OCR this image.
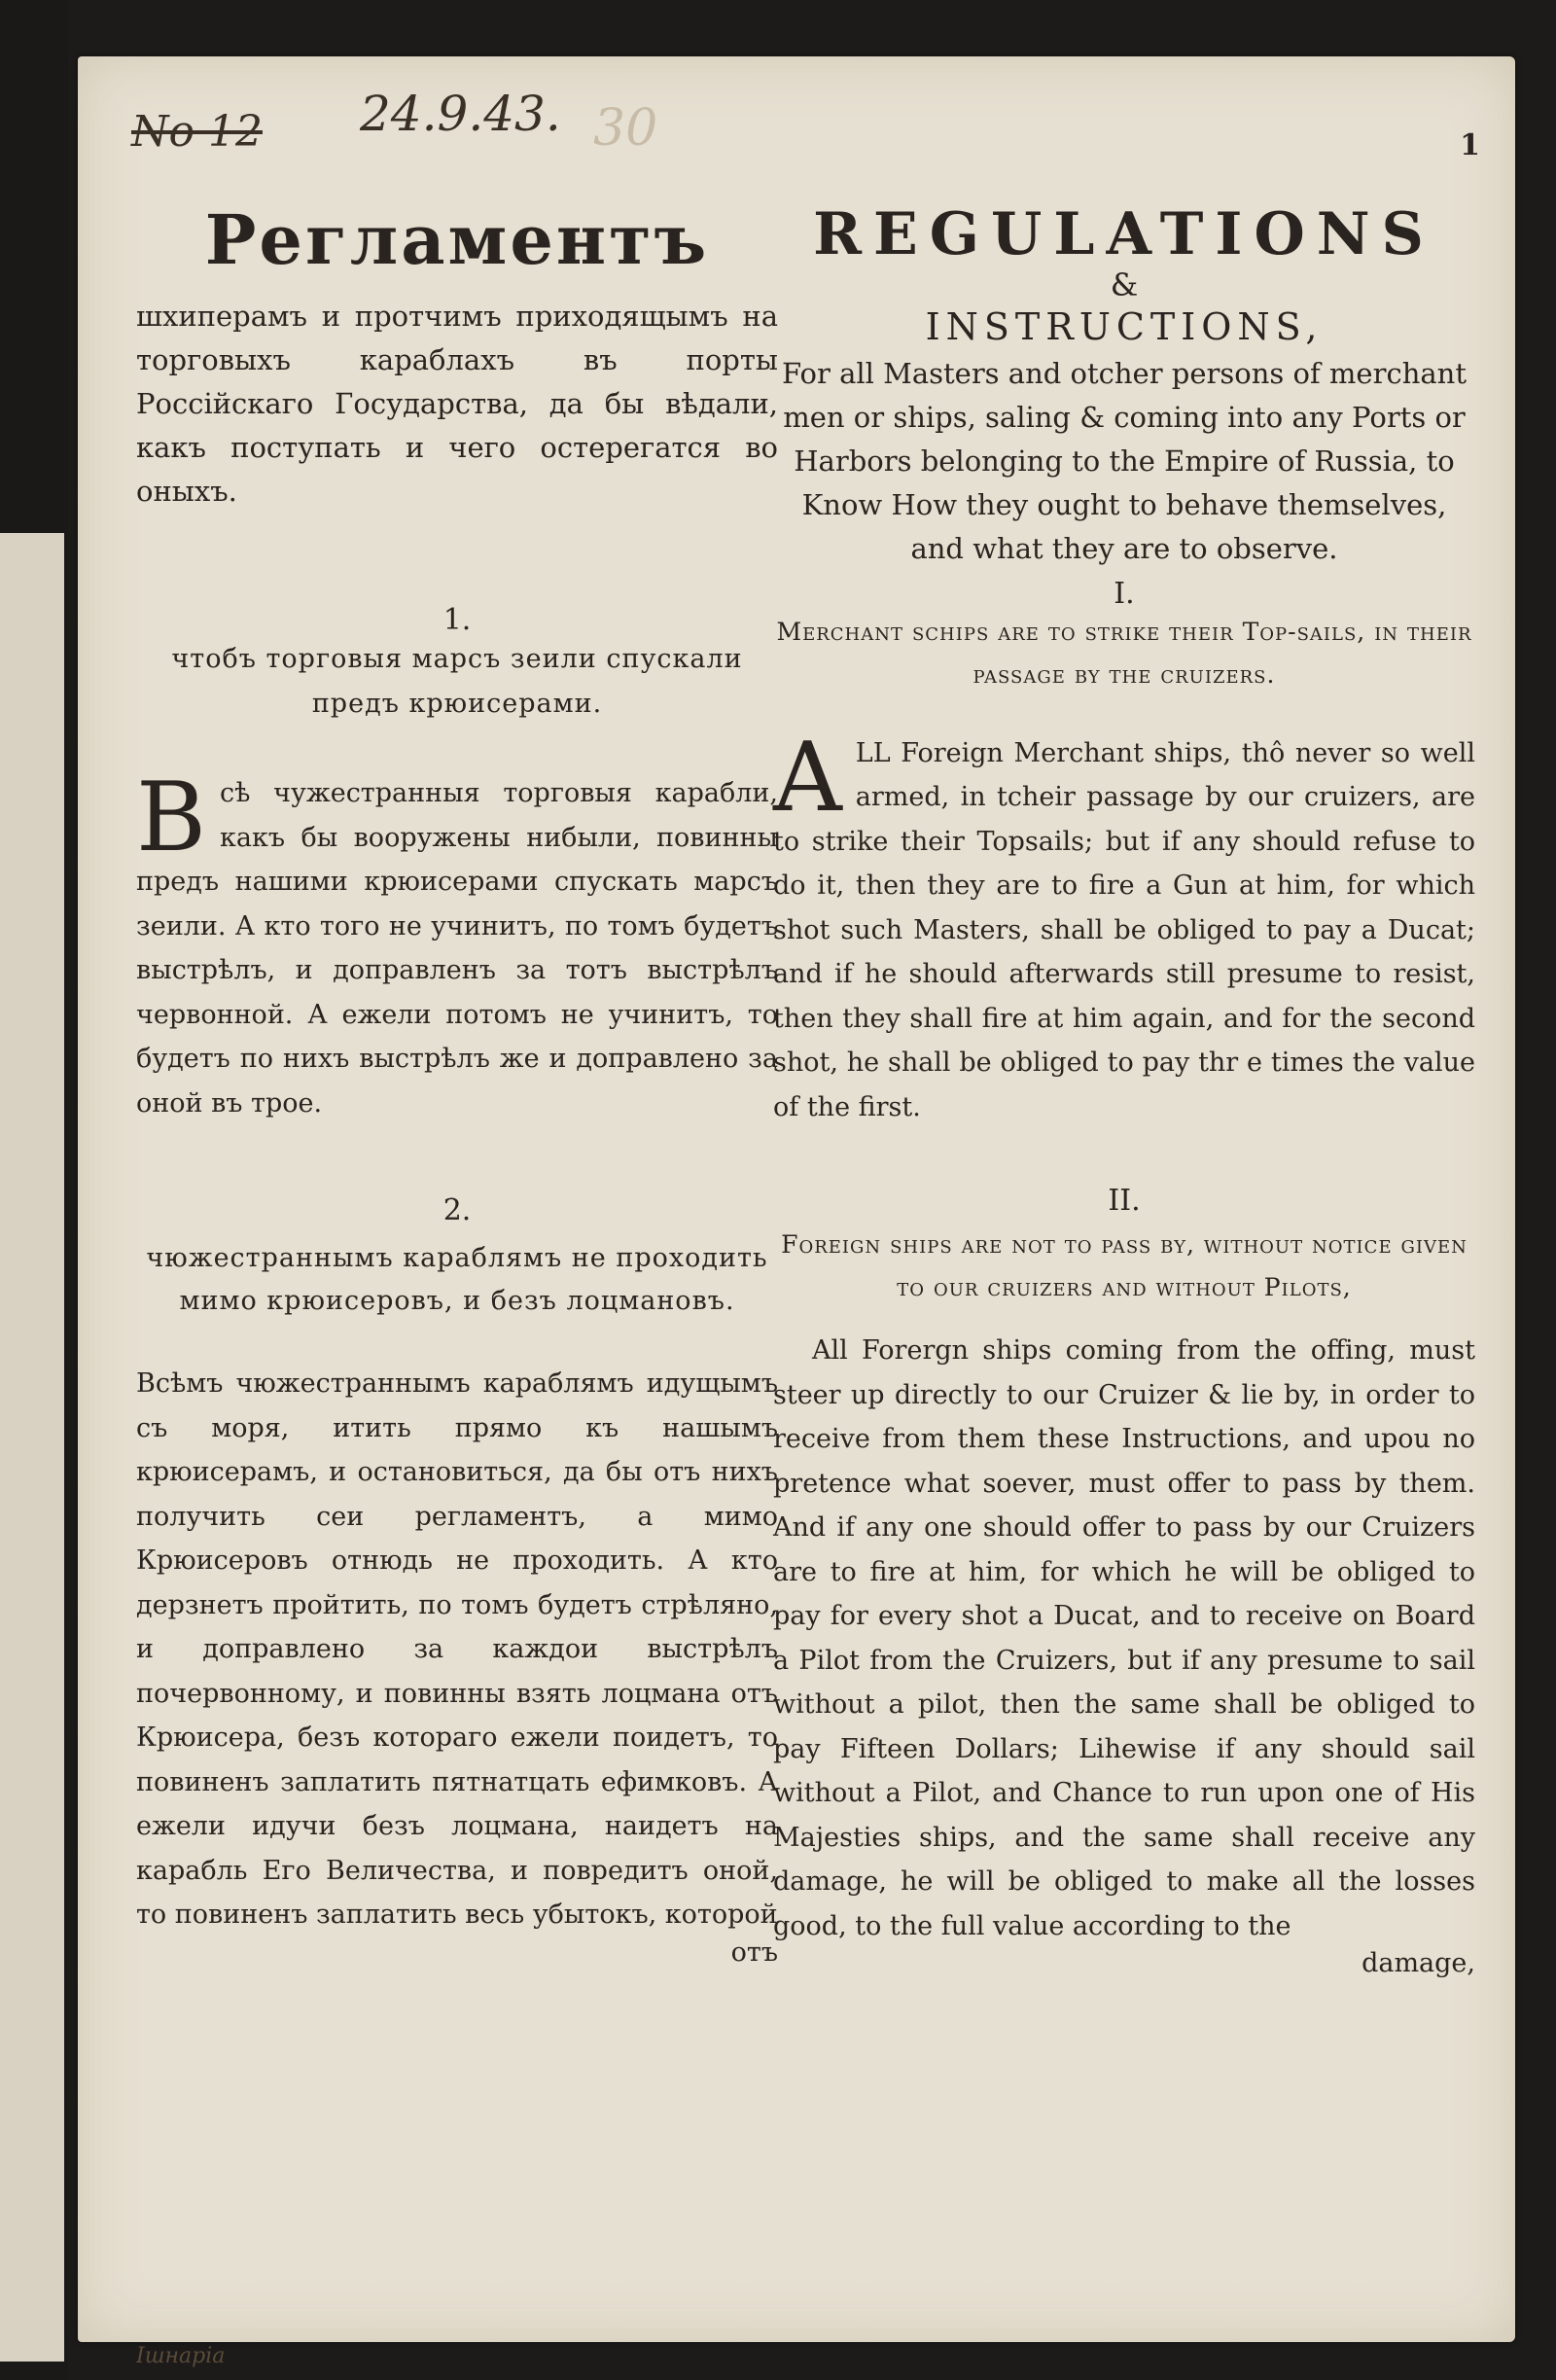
No 12 24.9.43. 30	1
Регламентъ

шхиперамъ и протчимъ приходящымъ на торговыхъ караблахъ въ порты Россійскаго Государства, да бы вѣдали, какъ поступать и чего остерегатся во оныхъ.

1.

чтобъ торговыя марсъ зеили спускали предъ крюисерами.

В сѣ чужестранныя торговыя карабли, какъ бы вооружены нибыли, повинны предъ нашими крюисерами спускать марсъ зеили. А кто того не учинитъ, по томъ будетъ выстрѣлъ, и доправленъ за тотъ выстрѣлъ червонной. А ежели потомъ не учинитъ, то будетъ по нихъ выстрѣлъ же и доправлено за оной въ трое.

2.

чюжестраннымъ караблямъ не проходить мимо крюисеровъ, и безъ лоцмановъ.

Всѣмъ чюжестраннымъ караблямъ идущымъ съ моря, итить прямо къ нашымъ крюисерамъ, и остановиться, да бы отъ нихъ получить сеи регламентъ, а мимо Крюисеровъ отнюдь не проходить. А кто дерзнетъ пройтить, по томъ будетъ стрѣляно, и доправлено за каждои выстрѣлъ почервонному, и повинны взять лоцмана отъ Крюисера, безъ котораго ежели поидетъ, то повиненъ заплатить пятнатцать ефимковъ. А ежели идучи безъ лоцмана, наидетъ на карабль Его Величества, и повредитъ оной, то повиненъ заплатить весь убытокъ, которой

отъ

REGULATIONS
&
INSTRUCTIONS,

For all Masters and otcher persons of merchant men or ships, saling & coming into any Ports or Harbors belonging to the Empire of Russia, to Know How they ought to behave themselves, and what they are to observe.

I.

Merchant schips are to strike their Top-sails, in their passage by the cruizers.

A LL Foreign Merchant ships, thô never so well armed, in tcheir passage by our cruizers, are to strike their Topsails; but if any should refuse to do it, then they are to fire a Gun at him, for which shot such Masters, shall be obliged to pay a Ducat; and if he should afterwards still presume to resist, then they shall fire at him again, and for the second shot, he shall be obliged to pay thr e times the value of the first.

II.

Foreign ships are not to pass by, without notice given to our cruizers and without Pilots,

All Forergn ships coming from the offing, must steer up directly to our Cruizer & lie by, in order to receive from them these Instructions, and upou no pretence what soever, must offer to pass by them. And if any one should offer to pass by our Cruizers are to fire at him, for which he will be obliged to pay for every shot a Ducat, and to receive on Board a Pilot from the Cruizers, but if any presume to sail without a pilot, then the same shall be obliged to pay Fifteen Dollars; Lihewise if any should sail without a Pilot, and Chance to run upon one of His Majesties ships, and the same shall receive any damage, he will be obliged to make all the losses good, to the full value according to the

damage,

Ішнаріа
